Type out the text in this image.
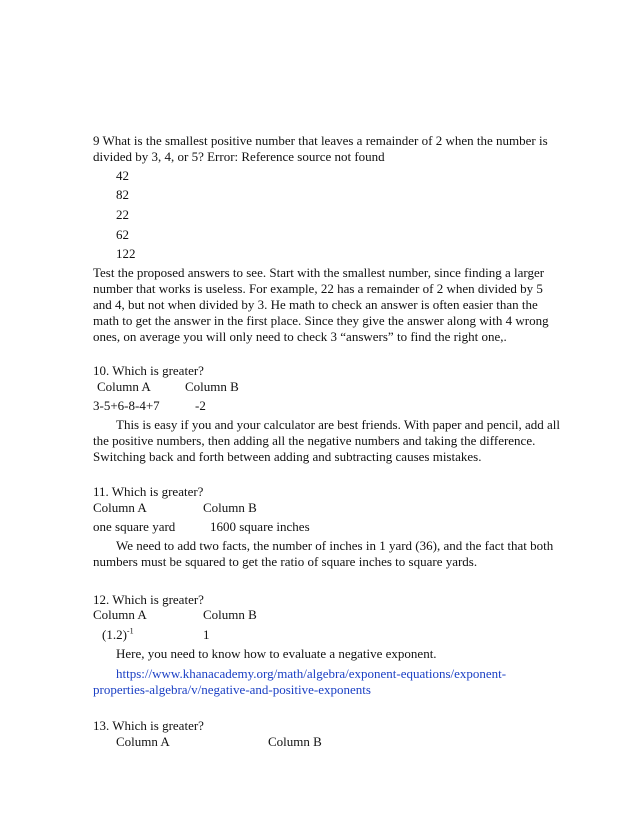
9 What is the smallest positive number that leaves a remainder of 2 when the number is
divided by 3, 4, or 5? Error: Reference source not found
42
82
22
62
122
Test the proposed answers to see. Start with the smallest number, since finding a larger
number that works is useless. For example, 22 has a remainder of 2 when divided by 5
and 4, but not when divided by 3. He math to check an answer is often easier than the
math to get the answer in the first place. Since they give the answer along with 4 wrong
ones, on average you will only need to check 3 “answers” to find the right one,.
10. Which is greater?
Column A	Column B
3-5+6-8-4+7	-2
This is easy if you and your calculator are best friends. With paper and pencil, add all
the positive numbers, then adding all the negative numbers and taking the difference.
Switching back and forth between adding and subtracting causes mistakes.
11. Which is greater?
Column A	Column B
one square yard	1600 square inches
We need to add two facts, the number of inches in 1 yard (36), and the fact that both
numbers must be squared to get the ratio of square inches to square yards.
12. Which is greater?
Column A	Column B
$(1.2)^{-1}$	1
Here, you need to know how to evaluate a negative exponent.
https://www.khanacademy.org/math/algebra/exponent-equations/exponent-
properties-algebra/v/negative-and-positive-exponents
13. Which is greater?
Column A	Column B
